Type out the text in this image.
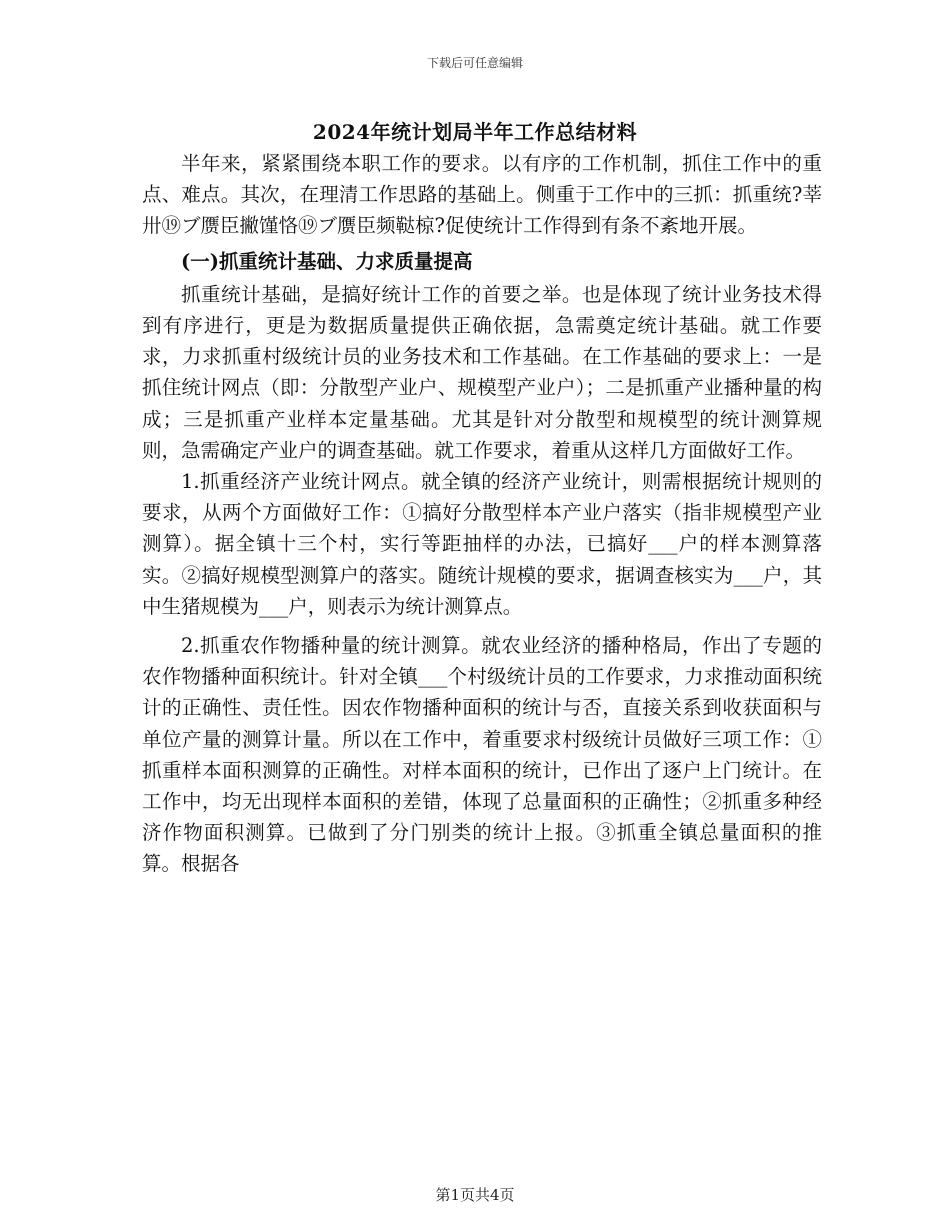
下载后可任意编辑
2024年统计划局半年工作总结材料

半年来，紧紧围绕本职工作的要求。以有序的工作机制，抓住工作中的重点、难点。其次，在理清工作思路的基础上。侧重于工作中的三抓：抓重统?莘卅⑲ブ赝臣撇馑恪⑲ブ赝臣频鞑椋?促使统计工作得到有条不紊地开展。

(一)抓重统计基础、力求质量提高

抓重统计基础，是搞好统计工作的首要之举。也是体现了统计业务技术得到有序进行，更是为数据质量提供正确依据，急需奠定统计基础。就工作要求，力求抓重村级统计员的业务技术和工作基础。在工作基础的要求上：一是抓住统计网点（即：分散型产业户、规模型产业户）；二是抓重产业播种量的构成；三是抓重产业样本定量基础。尤其是针对分散型和规模型的统计测算规则，急需确定产业户的调查基础。就工作要求，着重从这样几方面做好工作。

1.抓重经济产业统计网点。就全镇的经济产业统计，则需根据统计规则的要求，从两个方面做好工作：①搞好分散型样本产业户落实（指非规模型产业测算）。据全镇十三个村，实行等距抽样的办法，已搞好___户的样本测算落实。②搞好规模型测算户的落实。随统计规模的要求，据调查核实为___户，其中生猪规模为___户，则表示为统计测算点。

2.抓重农作物播种量的统计测算。就农业经济的播种格局，作出了专题的农作物播种面积统计。针对全镇___个村级统计员的工作要求，力求推动面积统计的正确性、责任性。因农作物播种面积的统计与否，直接关系到收获面积与单位产量的测算计量。所以在工作中，着重要求村级统计员做好三项工作：①抓重样本面积测算的正确性。对样本面积的统计，已作出了逐户上门统计。在工作中，均无出现样本面积的差错，体现了总量面积的正确性；②抓重多种经济作物面积测算。已做到了分门别类的统计上报。③抓重全镇总量面积的推算。根据各

第1页共4页
